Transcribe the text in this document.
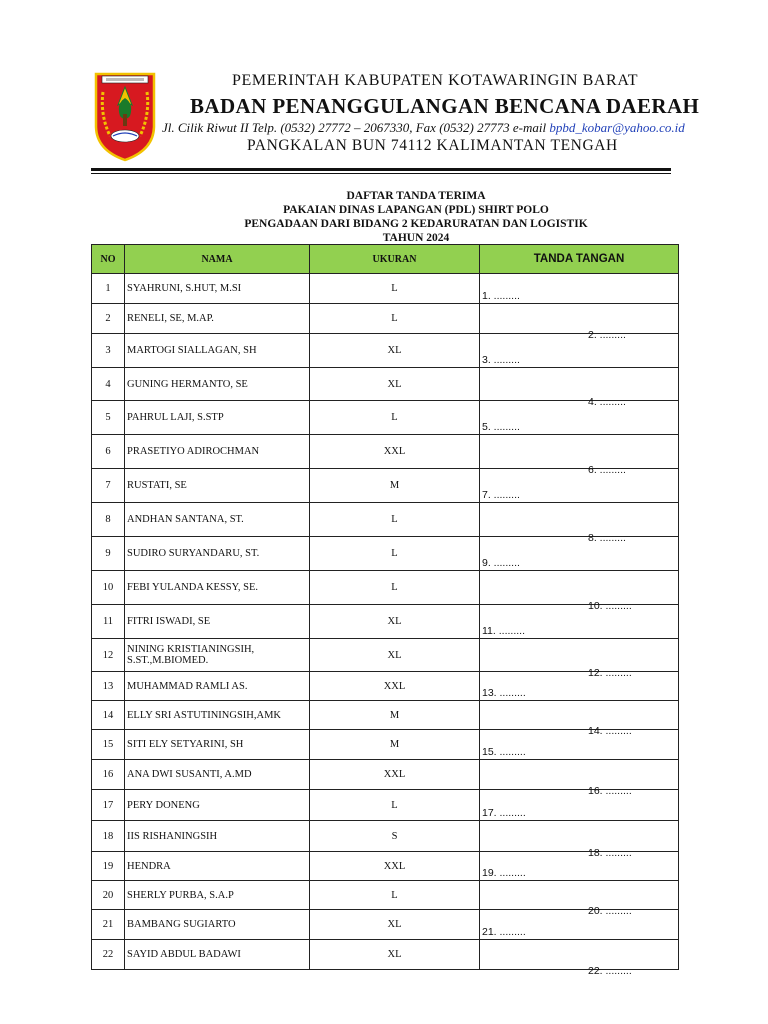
PEMERINTAH KABUPATEN KOTAWARINGIN BARAT
BADAN PENANGGULANGAN BENCANA DAERAH
Jl. Cilik Riwut II Telp. (0532) 27772 – 2067330, Fax (0532) 27773 e-mail bpbd_kobar@yahoo.co.id
PANGKALAN BUN 74112 KALIMANTAN TENGAH
DAFTAR TANDA TERIMA
PAKAIAN DINAS LAPANGAN (PDL) SHIRT POLO
PENGADAAN DARI BIDANG 2 KEDARURATAN DAN LOGISTIK
TAHUN 2024
NO	NAMA	UKURAN	TANDA TANGAN
1	SYAHRUNI, S.HUT, M.SI	L	1. .........

2	RENELI, SE, M.AP.	L	2. .........

3	MARTOGI SIALLAGAN, SH	XL	3. .........

4	GUNING HERMANTO, SE	XL	4. .........

5	PAHRUL LAJI, S.STP	L	5. .........

6	PRASETIYO ADIROCHMAN	XXL	6. .........

7	RUSTATI, SE	M	7. .........

8	ANDHAN SANTANA, ST.	L	8. .........

9	SUDIRO SURYANDARU, ST.	L	9. .........

10	FEBI YULANDA KESSY, SE.	L	10. .........

11	FITRI ISWADI, SE	XL	11. .........

12	NINING KRISTIANINGSIH, S.ST.,M.BIOMED.	XL	12. .........

13	MUHAMMAD RAMLI AS.	XXL	13. .........

14	ELLY SRI ASTUTININGSIH,AMK	M	14. .........

15	SITI ELY SETYARINI, SH	M	15. .........

16	ANA DWI SUSANTI, A.MD	XXL	16. .........

17	PERY DONENG	L	17. .........

18	IIS RISHANINGSIH	S	18. .........

19	HENDRA	XXL	19. .........

20	SHERLY PURBA, S.A.P	L	20. .........

21	BAMBANG SUGIARTO	XL	21. .........

22	SAYID ABDUL BADAWI	XL	22. .........
